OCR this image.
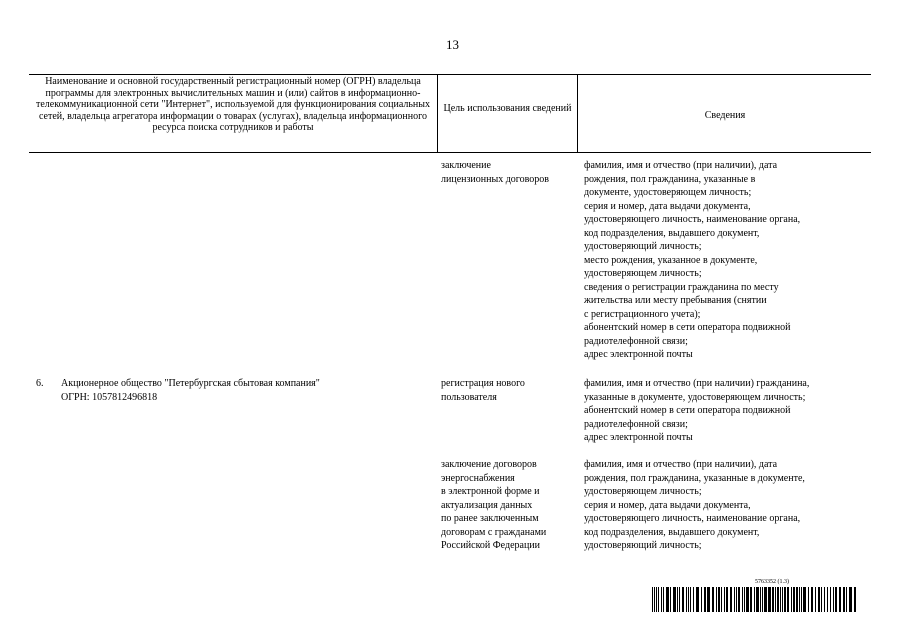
13
Наименование и основной государственный регистрационный номер (ОГРН) владельца программы для электронных вычислительных машин и (или) сайтов в информационно-телекоммуникационной сети "Интернет", используемой для функционирования социальных сетей, владельца агрегатора информации о товарах (услугах), владельца информационного ресурса поиска сотрудников и работы
Цель использования сведений
Сведения
заключение
лицензионных договоров
фамилия, имя и отчество (при наличии), дата
рождения, пол гражданина, указанные в
документе, удостоверяющем личность;
серия и номер, дата выдачи документа,
удостоверяющего личность, наименование органа,
код подразделения, выдавшего документ,
удостоверяющий личность;
место рождения, указанное в документе,
удостоверяющем личность;
сведения о регистрации гражданина по месту
жительства или месту пребывания (снятии
с регистрационного учета);
абонентский номер в сети оператора подвижной
радиотелефонной связи;
адрес электронной почты
6.	Акционерное общество "Петербургская сбытовая компания"
ОГРН: 1057812496818
регистрация нового
пользователя
фамилия, имя и отчество (при наличии) гражданина,
указанные в документе, удостоверяющем личность;
абонентский номер в сети оператора подвижной
радиотелефонной связи;
адрес электронной почты
заключение договоров
энергоснабжения
в электронной форме и
актуализация данных
по ранее заключенным
договорам с гражданами
Российской Федерации
фамилия, имя и отчество (при наличии), дата
рождения, пол гражданина, указанные в документе,
удостоверяющем личность;
серия и номер, дата выдачи документа,
удостоверяющего личность, наименование органа,
код подразделения, выдавшего документ,
удостоверяющий личность;
5763352 (1.3)
